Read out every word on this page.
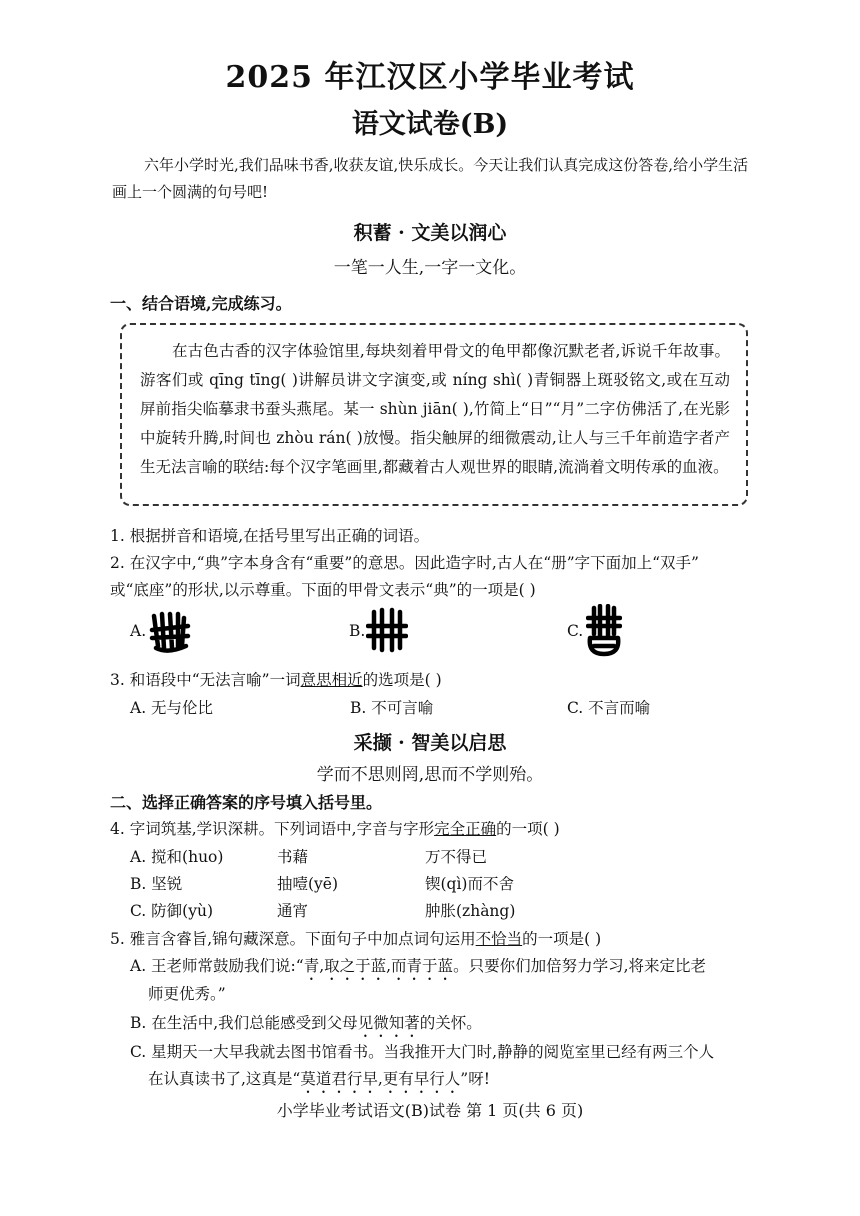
2025 年江汉区小学毕业考试
语文试卷(B)
六年小学时光,我们品味书香,收获友谊,快乐成长。今天让我们认真完成这份答卷,给小学生活画上一个圆满的句号吧!
积蓄 · 文美以润心
一笔一人生,一字一文化。
一、结合语境,完成练习。

在古色古香的汉字体验馆里,每块刻着甲骨文的龟甲都像沉默老者,诉说千年故事。游客们或 qīng tīng( )讲解员讲文字演变,或 níng shì( )青铜器上斑驳铭文,或在互动屏前指尖临摹隶书蚕头燕尾。某一 shùn jiān( ),竹简上“日”“月”二字仿佛活了,在光影中旋转升腾,时间也 zhòu rán( )放慢。指尖触屏的细微震动,让人与三千年前造字者产生无法言喻的联结:每个汉字笔画里,都藏着古人观世界的眼睛,流淌着文明传承的血液。

1. 根据拼音和语境,在括号里写出正确的词语。
2. 在汉字中,“典”字本身含有“重要”的意思。因此造字时,古人在“册”字下面加上“双手”
或“底座”的形状,以示尊重。下面的甲骨文表示“典”的一项是( )
A.	B.	C.
3. 和语段中“无法言喻”一词意思相近的选项是( )
A. 无与伦比	B. 不可言喻	C. 不言而喻
采撷 · 智美以启思
学而不思则罔,思而不学则殆。
二、选择正确答案的序号填入括号里。
4. 字词筑基,学识深耕。下列词语中,字音与字形完全正确的一项( )
A. 搅和(huo)	书藉	万不得已
B. 坚锐	抽噎(yē)	锲(qì)而不舍
C. 防御(yù)	通宵	肿胀(zhàng)
5. 雅言含睿旨,锦句藏深意。下面句子中加点词句运用不恰当的一项是( )
A. 王老师常鼓励我们说:“青,取之于蓝,而青于蓝。只要你们加倍努力学习,将来定比老
师更优秀。”
B. 在生活中,我们总能感受到父母见微知著的关怀。
C. 星期天一大早我就去图书馆看书。当我推开大门时,静静的阅览室里已经有两三个人
在认真读书了,这真是“莫道君行早,更有早行人”呀!
小学毕业考试语文(B)试卷 第 1 页(共 6 页)
